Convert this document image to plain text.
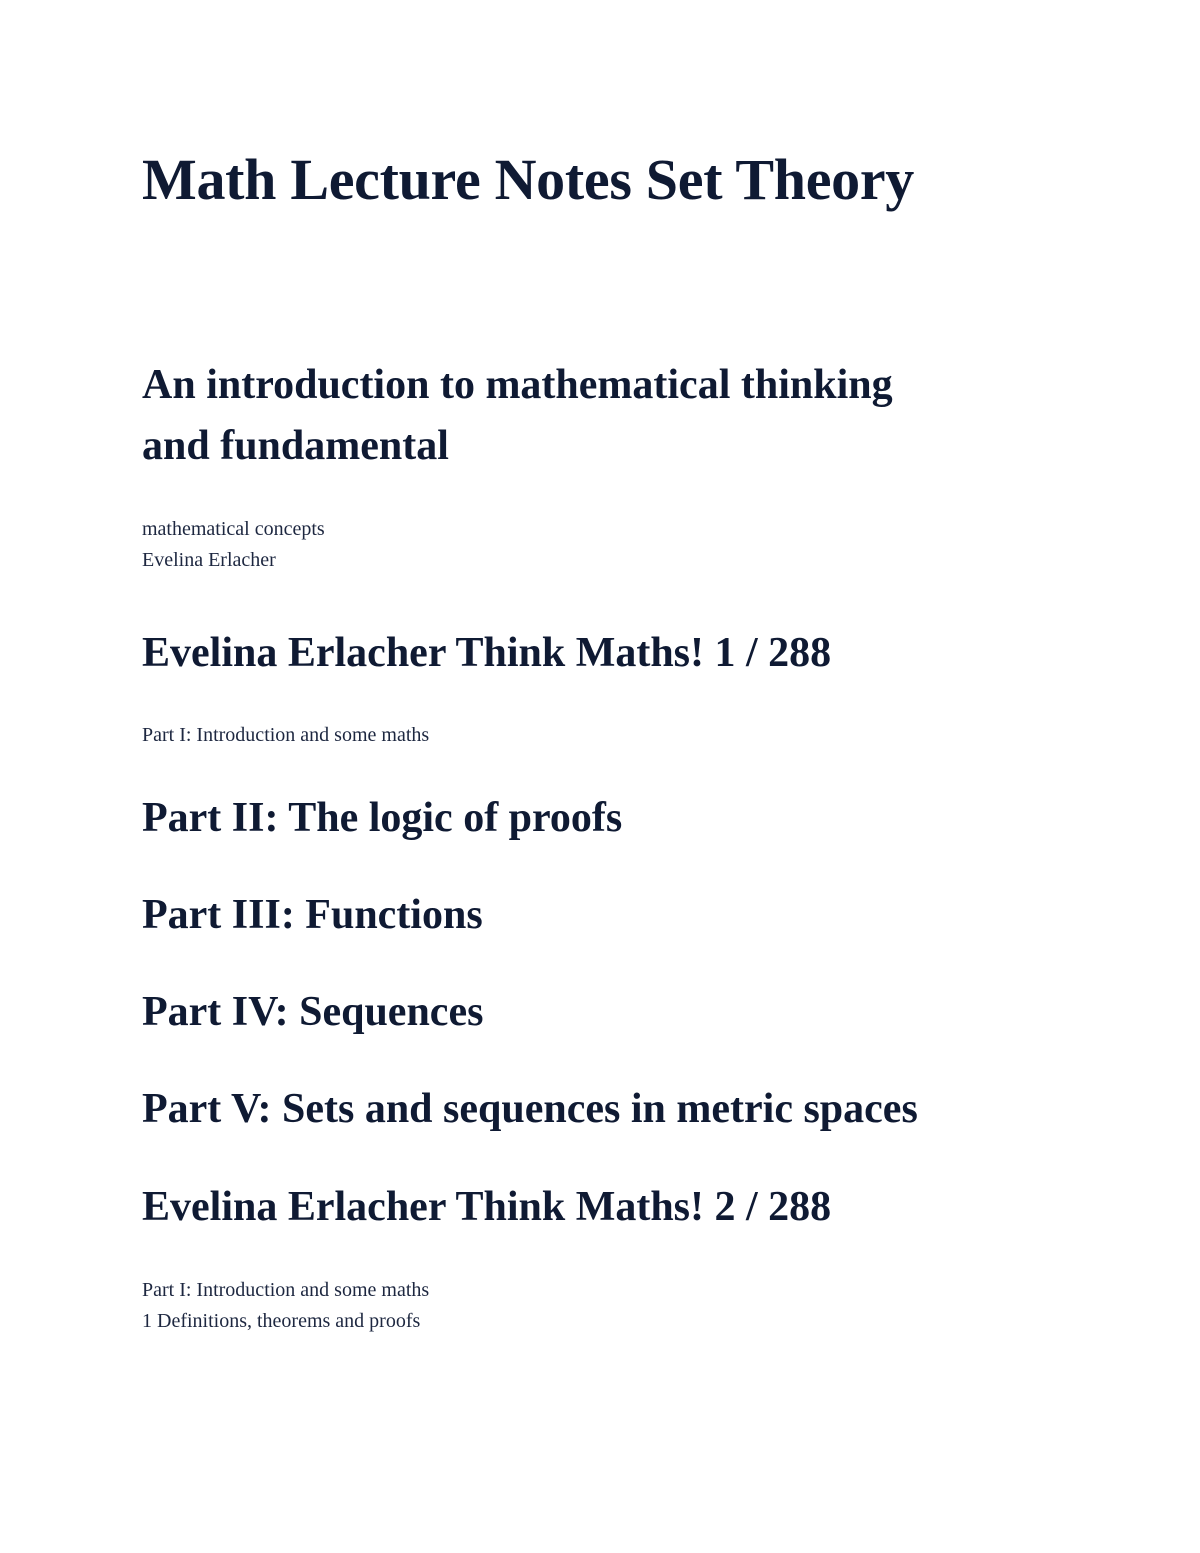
Math Lecture Notes Set Theory
An introduction to mathematical thinking
and fundamental
mathematical concepts
Evelina Erlacher
Evelina Erlacher Think Maths! 1 / 288
Part I: Introduction and some maths
Part II: The logic of proofs
Part III: Functions
Part IV: Sequences
Part V: Sets and sequences in metric spaces
Evelina Erlacher Think Maths! 2 / 288
Part I: Introduction and some maths
1 Definitions, theorems and proofs
